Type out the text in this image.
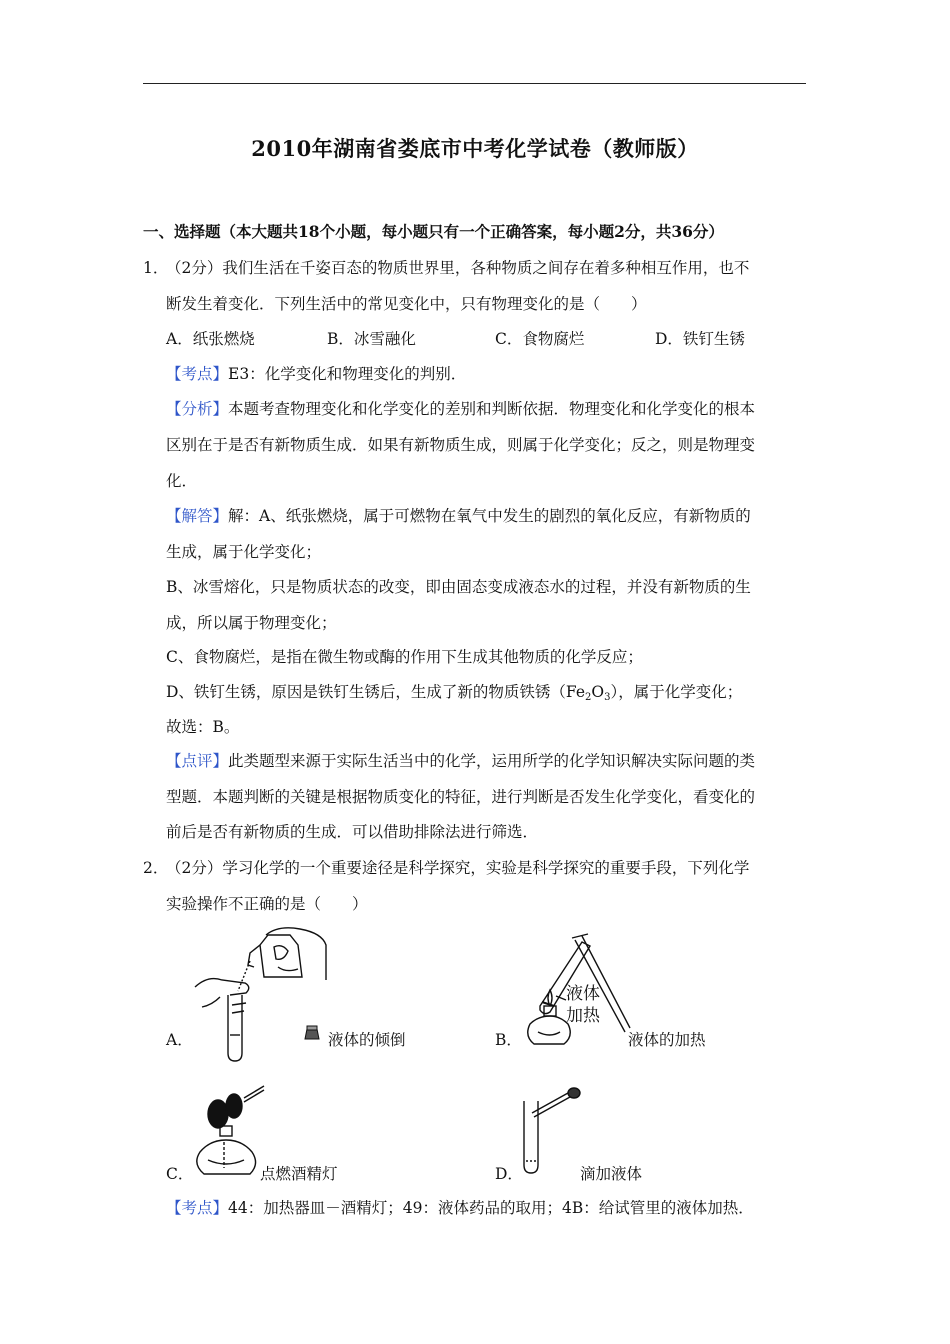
2010年湖南省娄底市中考化学试卷（教师版）
一、选择题（本大题共18个小题，每小题只有一个正确答案，每小题2分，共36分）
1．
（2分）我们生活在千姿百态的物质世界里，各种物质之间存在着多种相互作用，也不
断发生着变化．下列生活中的常见变化中，只有物理变化的是（　　）
A．纸张燃烧	B．冰雪融化	C．食物腐烂	D．铁钉生锈
【考点】E3：化学变化和物理变化的判别．
【分析】本题考查物理变化和化学变化的差别和判断依据．物理变化和化学变化的根本
区别在于是否有新物质生成．如果有新物质生成，则属于化学变化；反之，则是物理变
化．
【解答】解：A、纸张燃烧，属于可燃物在氧气中发生的剧烈的氧化反应，有新物质的
生成，属于化学变化；
B、冰雪熔化，只是物质状态的改变，即由固态变成液态水的过程，并没有新物质的生
成，所以属于物理变化；
C、食物腐烂，是指在微生物或酶的作用下生成其他物质的化学反应；
D、铁钉生锈，原因是铁钉生锈后，生成了新的物质铁锈$(Fe_2O_3)$，属于化学变化；
故选：B。
【点评】此类题型来源于实际生活当中的化学，运用所学的化学知识解决实际问题的类
型题．本题判断的关键是根据物质变化的特征，进行判断是否发生化学变化，看变化的
前后是否有新物质的生成．可以借助排除法进行筛选．
2．
（2分）学习化学的一个重要途径是科学探究，实验是科学探究的重要手段，下列化学
实验操作不正确的是（　　）
A．	液体的倾倒
液体
加热
B．	液体的加热
C．	点燃酒精灯	D．	滴加液体
【考点】44：加热器皿－酒精灯；49：液体药品的取用；4B：给试管里的液体加热．
